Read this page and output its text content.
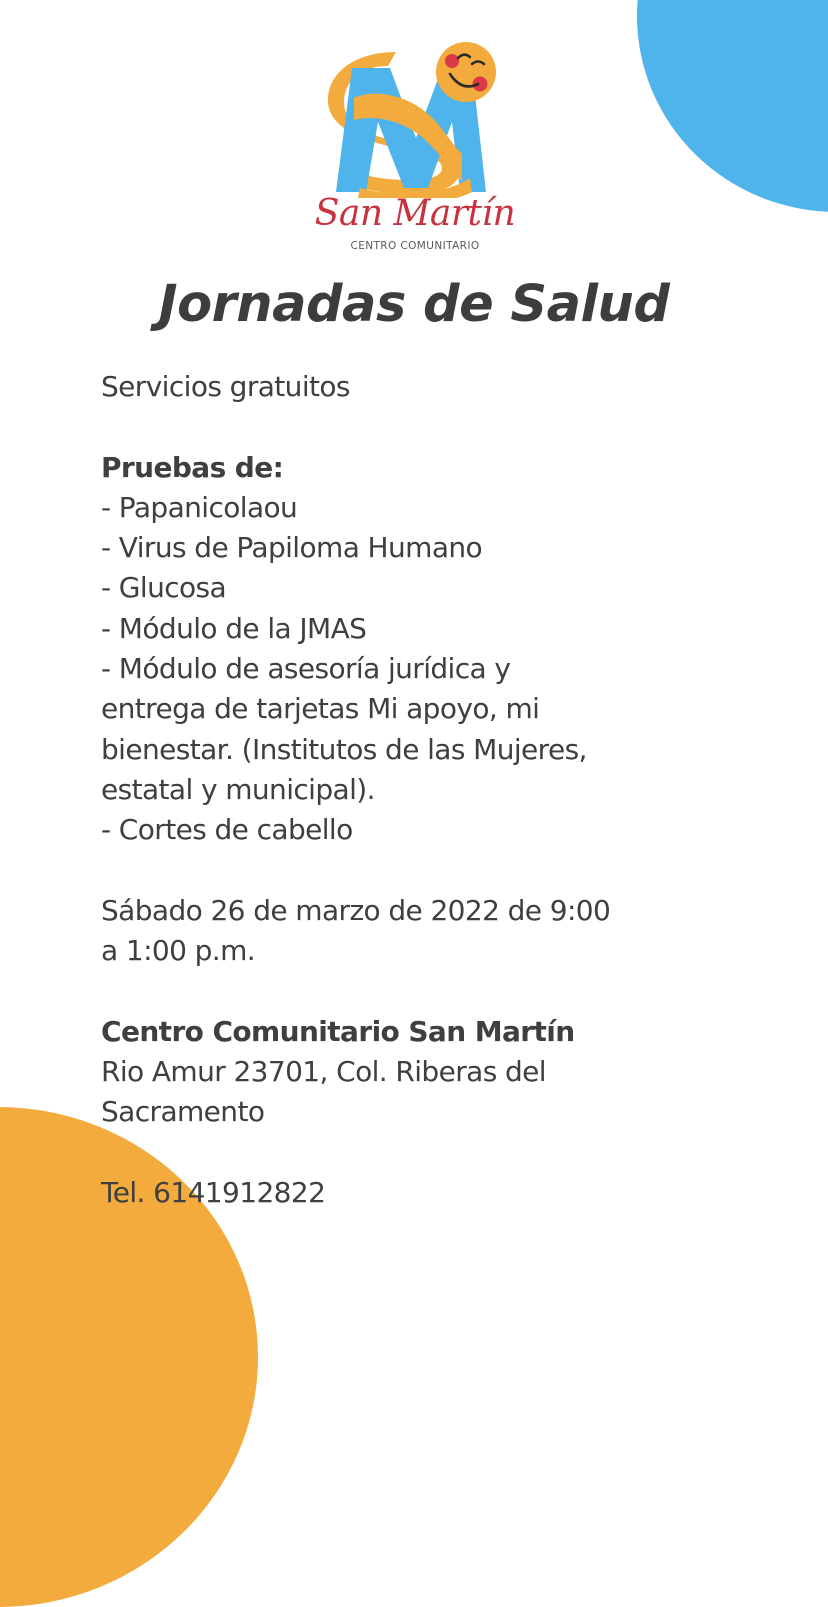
San Martín
CENTRO COMUNITARIO
Jornadas de Salud

Servicios gratuitos

Pruebas de:

- Papanicolaou

- Virus de Papiloma Humano

- Glucosa

- Módulo de la JMAS

- Módulo de asesoría jurídica y

entrega de tarjetas Mi apoyo, mi

bienestar. (Institutos de las Mujeres,

estatal y municipal).

- Cortes de cabello

Sábado 26 de marzo de 2022 de 9:00

a 1:00 p.m.

Centro Comunitario San Martín

Rio Amur 23701, Col. Riberas del

Sacramento

Tel. 6141912822
